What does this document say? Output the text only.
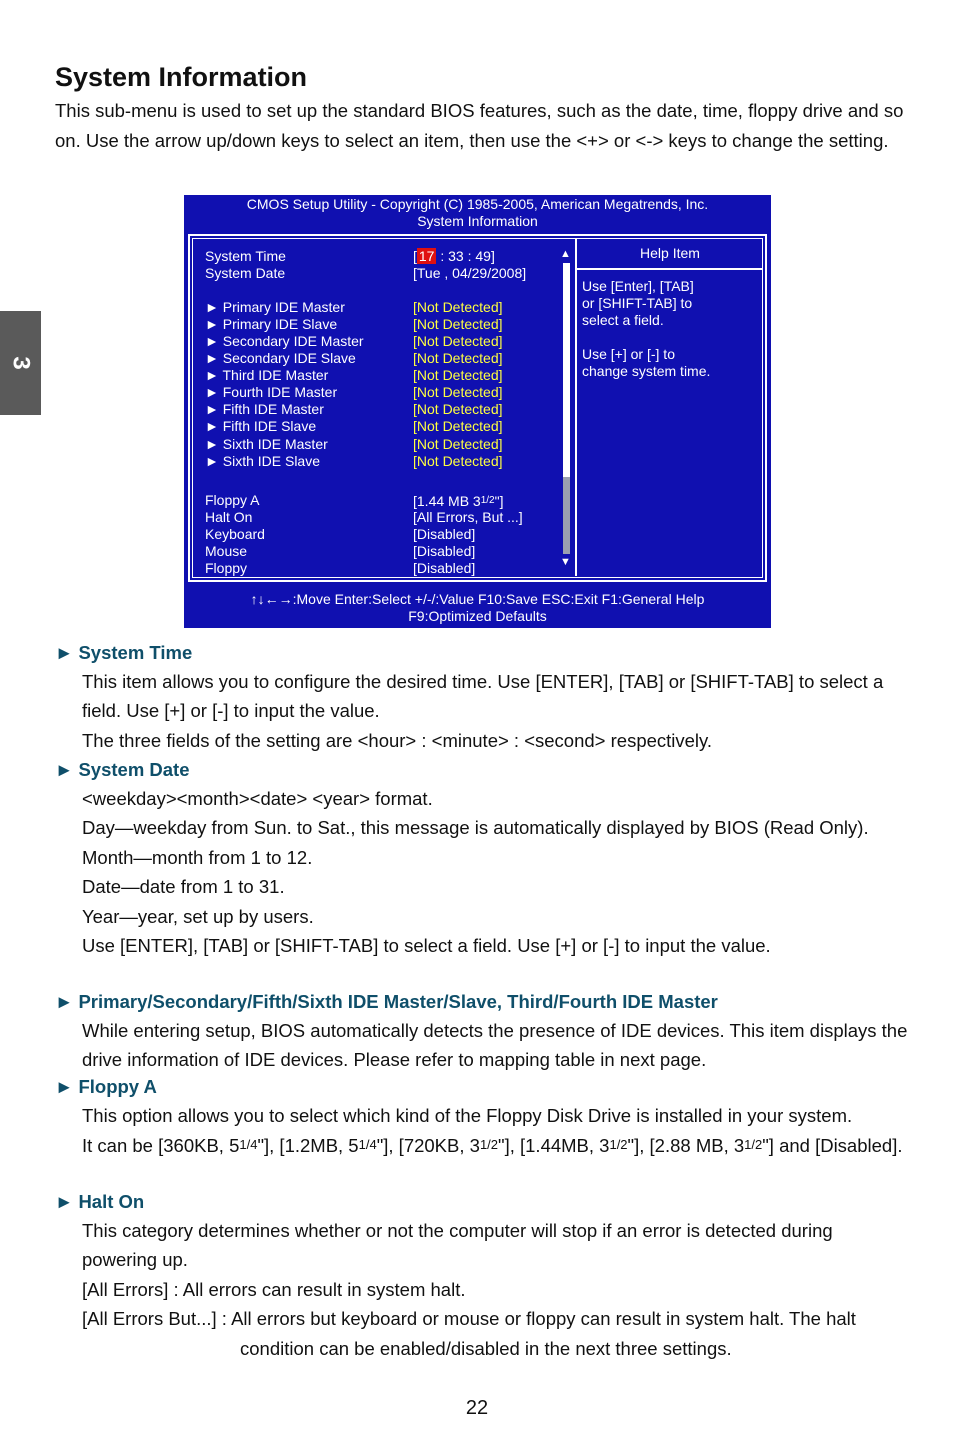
3
System Information

This sub-menu is used to set up the standard BIOS features, such as the date, time, floppy drive and so on. Use the arrow up/down keys to select an item, then use the <+> or <-> keys to change the setting.

CMOS Setup Utility - Copyright (C) 1985-2005, American Megatrends, Inc.
System Information
System Time	[ 17 : 33 : 49]
System Date	[Tue , 04/29/2008]
► Primary IDE Master	[Not Detected]
► Primary IDE Slave	[Not Detected]
► Secondary IDE Master	[Not Detected]
► Secondary IDE Slave	[Not Detected]
► Third IDE Master	[Not Detected]
► Fourth IDE Master	[Not Detected]
► Fifth IDE Master	[Not Detected]
► Fifth IDE Slave	[Not Detected]
► Sixth IDE Master	[Not Detected]
► Sixth IDE Slave	[Not Detected]
Floppy A	[1.44 MB $3^{1/2}$"]
Halt On	[All Errors, But ...]
Keyboard	[Disabled]
Mouse	[Disabled]
Floppy	[Disabled]
▲
▼
Help Item
Use [Enter], [TAB]
or [SHIFT-TAB] to
select a field.

Use [+] or [-] to
change system time.
↑↓←→:Move Enter:Select +/-/:Value F10:Save ESC:Exit F1:General Help
F9:Optimized Defaults
► System Time

This item allows you to configure the desired time. Use [ENTER], [TAB] or [SHIFT-TAB] to select a field. Use [+] or [-] to input the value.

The three fields of the setting are <hour> : <minute> : <second> respectively.

► System Date

<weekday><month><date> <year> format.

Day—weekday from Sun. to Sat., this message is automatically displayed by BIOS (Read Only).

Month—month from 1 to 12.

Date—date from 1 to 31.

Year—year, set up by users.

Use [ENTER], [TAB] or [SHIFT-TAB] to select a field. Use [+] or [-] to input the value.

► Primary/Secondary/Fifth/Sixth IDE Master/Slave, Third/Fourth IDE Master

While entering setup, BIOS automatically detects the presence of IDE devices. This item displays the drive information of IDE devices. Please refer to mapping table in next page.

► Floppy A

This option allows you to select which kind of the Floppy Disk Drive is installed in your system.

It can be [360KB, 51/4"], [1.2MB, 51/4"], [720KB, 31/2"], [1.44MB, 31/2"], [2.88 MB, 31/2"] and [Disabled].

► Halt On

This category determines whether or not the computer will stop if an error is detected during powering up.

[All Errors] : All errors can result in system halt.

[All Errors But...] : All errors but keyboard or mouse or floppy can result in system halt. The halt condition can be enabled/disabled in the next three settings.

22
